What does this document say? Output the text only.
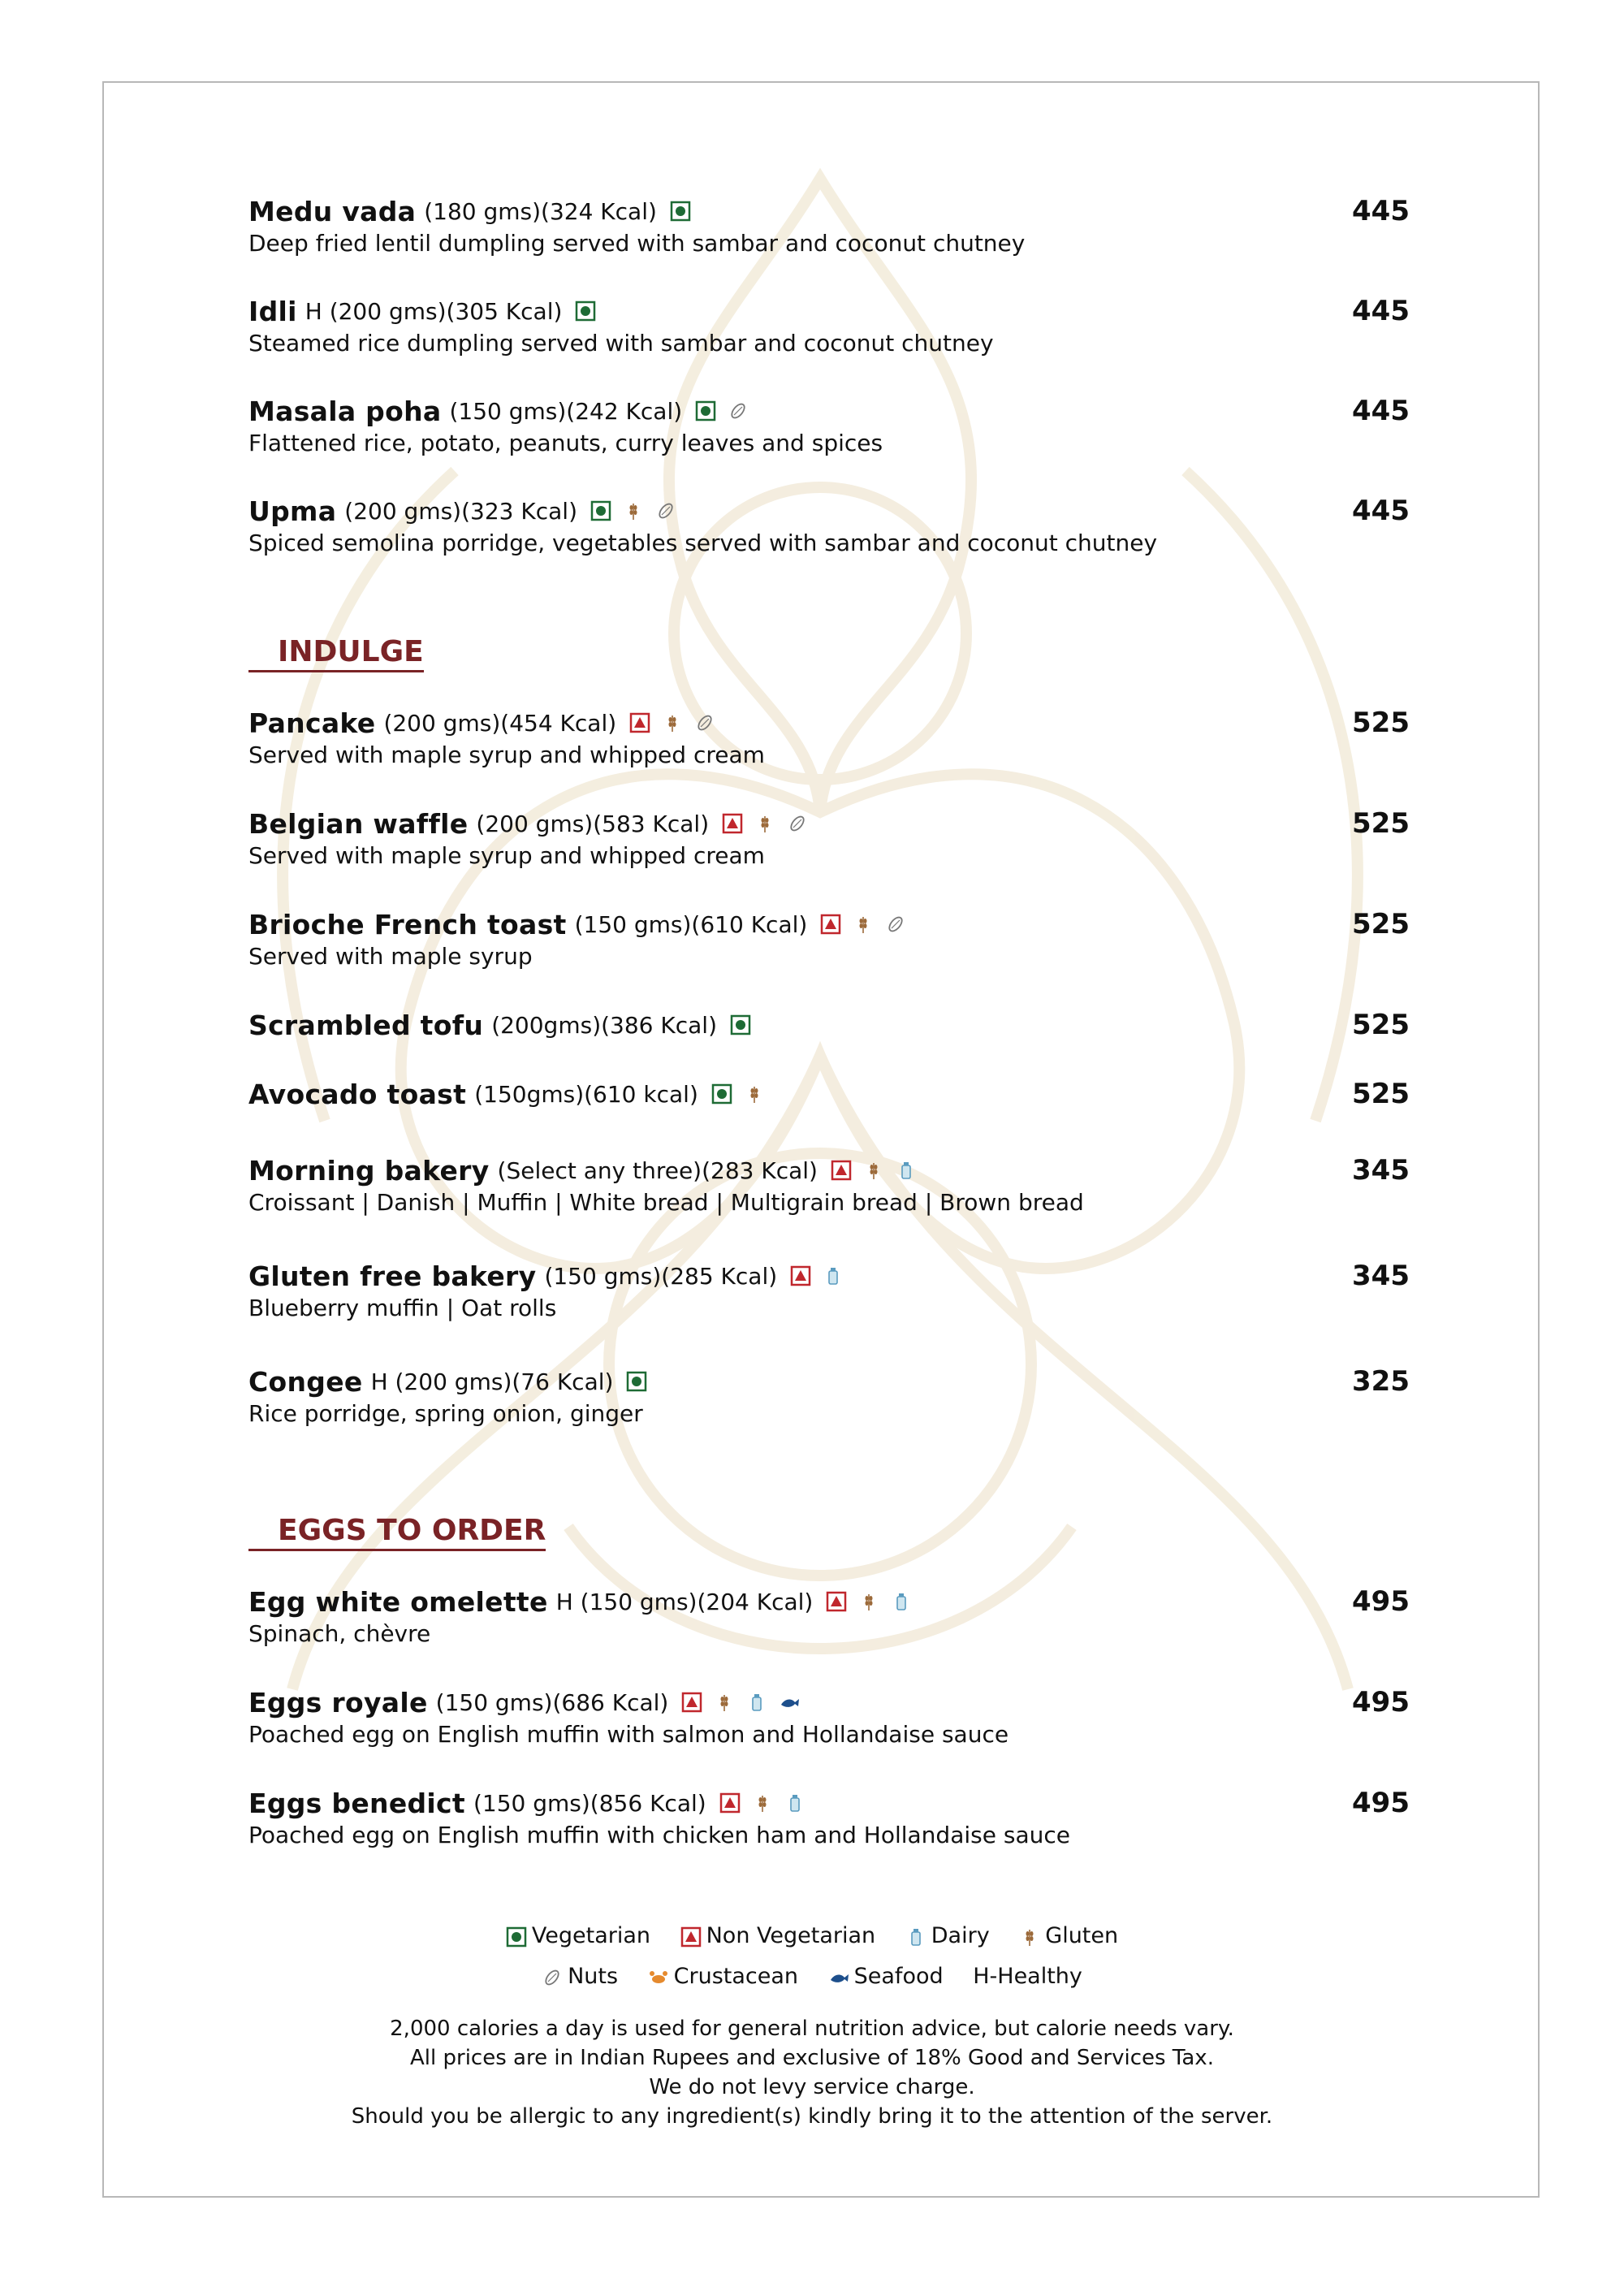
Medu vada (180 gms)(324 Kcal)
Deep fried lentil dumpling served with sambar and coconut chutney
445
Idli H (200 gms)(305 Kcal)
Steamed rice dumpling served with sambar and coconut chutney
445
Masala poha (150 gms)(242 Kcal)
Flattened rice, potato, peanuts, curry leaves and spices
445
Upma (200 gms)(323 Kcal)
Spiced semolina porridge, vegetables served with sambar and coconut chutney
445
INDULGE
Pancake (200 gms)(454 Kcal)
Served with maple syrup and whipped cream
525
Belgian waffle (200 gms)(583 Kcal)
Served with maple syrup and whipped cream
525
Brioche French toast (150 gms)(610 Kcal)
Served with maple syrup
525
Scrambled tofu (200gms)(386 Kcal)	525
Avocado toast (150gms)(610 kcal)	525
Morning bakery (Select any three)(283 Kcal)
Croissant | Danish | Muffin | White bread | Multigrain bread | Brown bread
345
Gluten free bakery (150 gms)(285 Kcal)
Blueberry muffin | Oat rolls
345
Congee H (200 gms)(76 Kcal)
Rice porridge, spring onion, ginger
325
EGGS TO ORDER
Egg white omelette H (150 gms)(204 Kcal)
Spinach, chèvre
495
Eggs royale (150 gms)(686 Kcal)
Poached egg on English muffin with salmon and Hollandaise sauce
495
Eggs benedict (150 gms)(856 Kcal)
Poached egg on English muffin with chicken ham and Hollandaise sauce
495
Vegetarian
	Non Vegetarian
	Dairy
	Gluten
Nuts
	Crustacean
	Seafood
H-Healthy
2,000 calories a day is used for general nutrition advice, but calorie needs vary.
All prices are in Indian Rupees and exclusive of 18% Good and Services Tax.
We do not levy service charge.
Should you be allergic to any ingredient(s) kindly bring it to the attention of the server.
